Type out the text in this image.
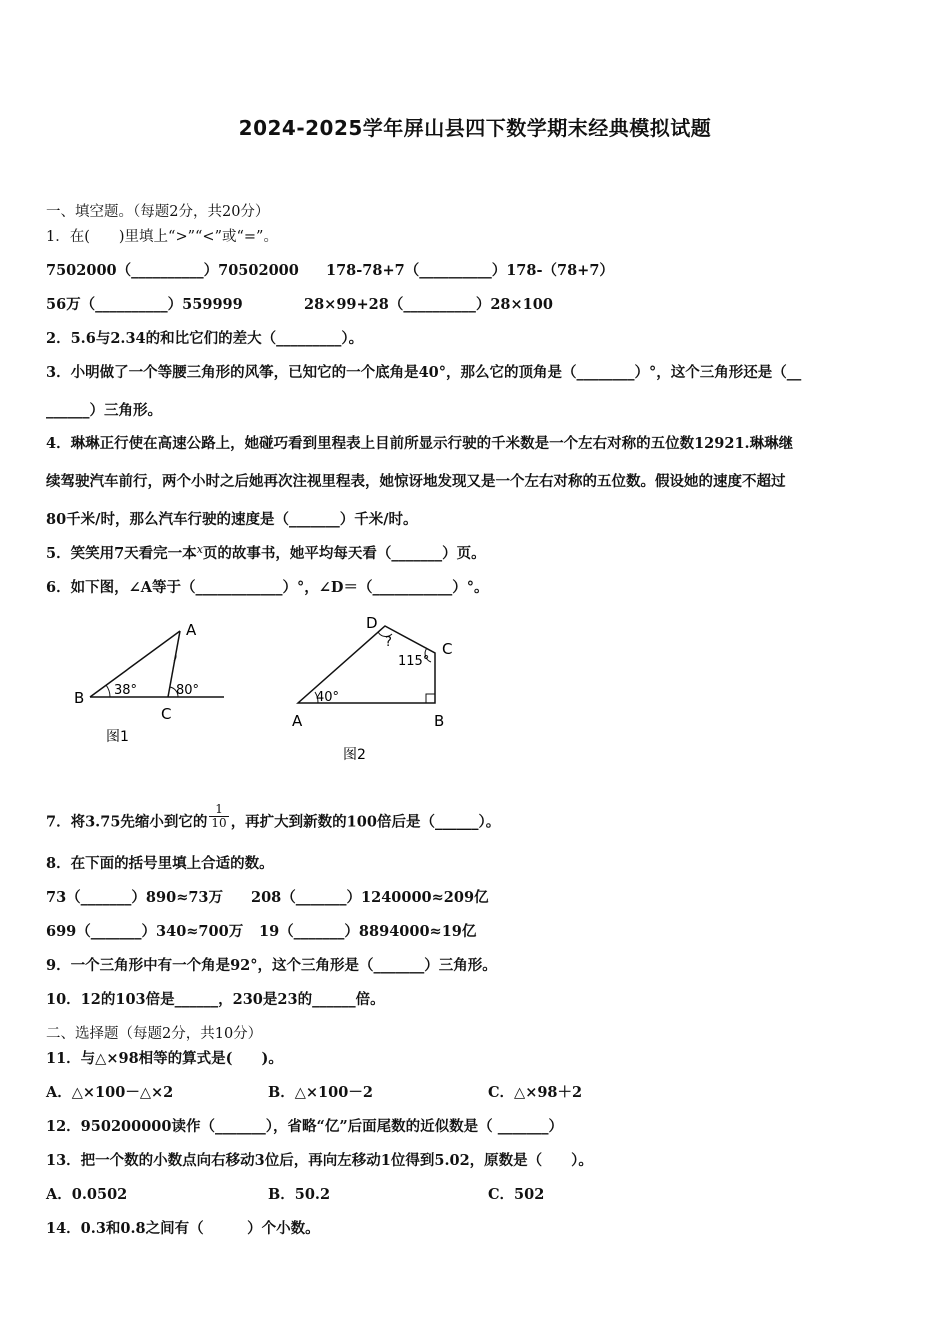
2024-2025学年屏山县四下数学期末经典模拟试题
一、填空题。（每题2分，共20分）
1．在(　　)里填上“>”“<”或“=”。
7502000（__________）70502000 178-78+7（__________）178-（78+7）
56万（__________）559999	28×99+28（__________）28×100
2．5.6与2.34的和比它们的差大（_________）。
3．小明做了一个等腰三角形的风筝，已知它的一个底角是40°，那么它的顶角是（________）°，这个三角形还是（__
______）三角形。
4．琳琳正行使在高速公路上，她碰巧看到里程表上目前所显示行驶的千米数是一个左右对称的五位数12921.琳琳继
续驾驶汽车前行，两个小时之后她再次注视里程表，她惊讶地发现又是一个左右对称的五位数。假设她的速度不超过
80千米/时，那么汽车行驶的速度是（_______）千米/时。
5．笑笑用7天看完一本$^x$页的故事书，她平均每天看（_______）页。
6．如下图，∠A等于（____________）°，∠D＝（___________）°。
A
B
C
38°	80°
图1
D
C
A	B
?
115°
40°
图2
7．将3.75先缩小到它的 $\frac{1}{10}$ ，再扩大到新数的100倍后是（______）。
8．在下面的括号里填上合适的数。
73（_______）890≈73万 208（_______）1240000≈209亿
699（_______）340≈700万 19（_______）8894000≈19亿
9．一个三角形中有一个角是92°，这个三角形是（_______）三角形。
10．12的103倍是______，230是23的______倍。
二、选择题（每题2分，共10分）
11．与△×98相等的算式是(　　)。
A．△×100－△×2	B．△×100－2	C．△×98＋2
12．950200000读作（_______），省略“亿”后面尾数的近似数是（ _______）
13．把一个数的小数点向右移动3位后，再向左移动1位得到5.02，原数是（　　）。
A．0.0502	B．50.2	C．502
14．0.3和0.8之间有（　　　）个小数。
